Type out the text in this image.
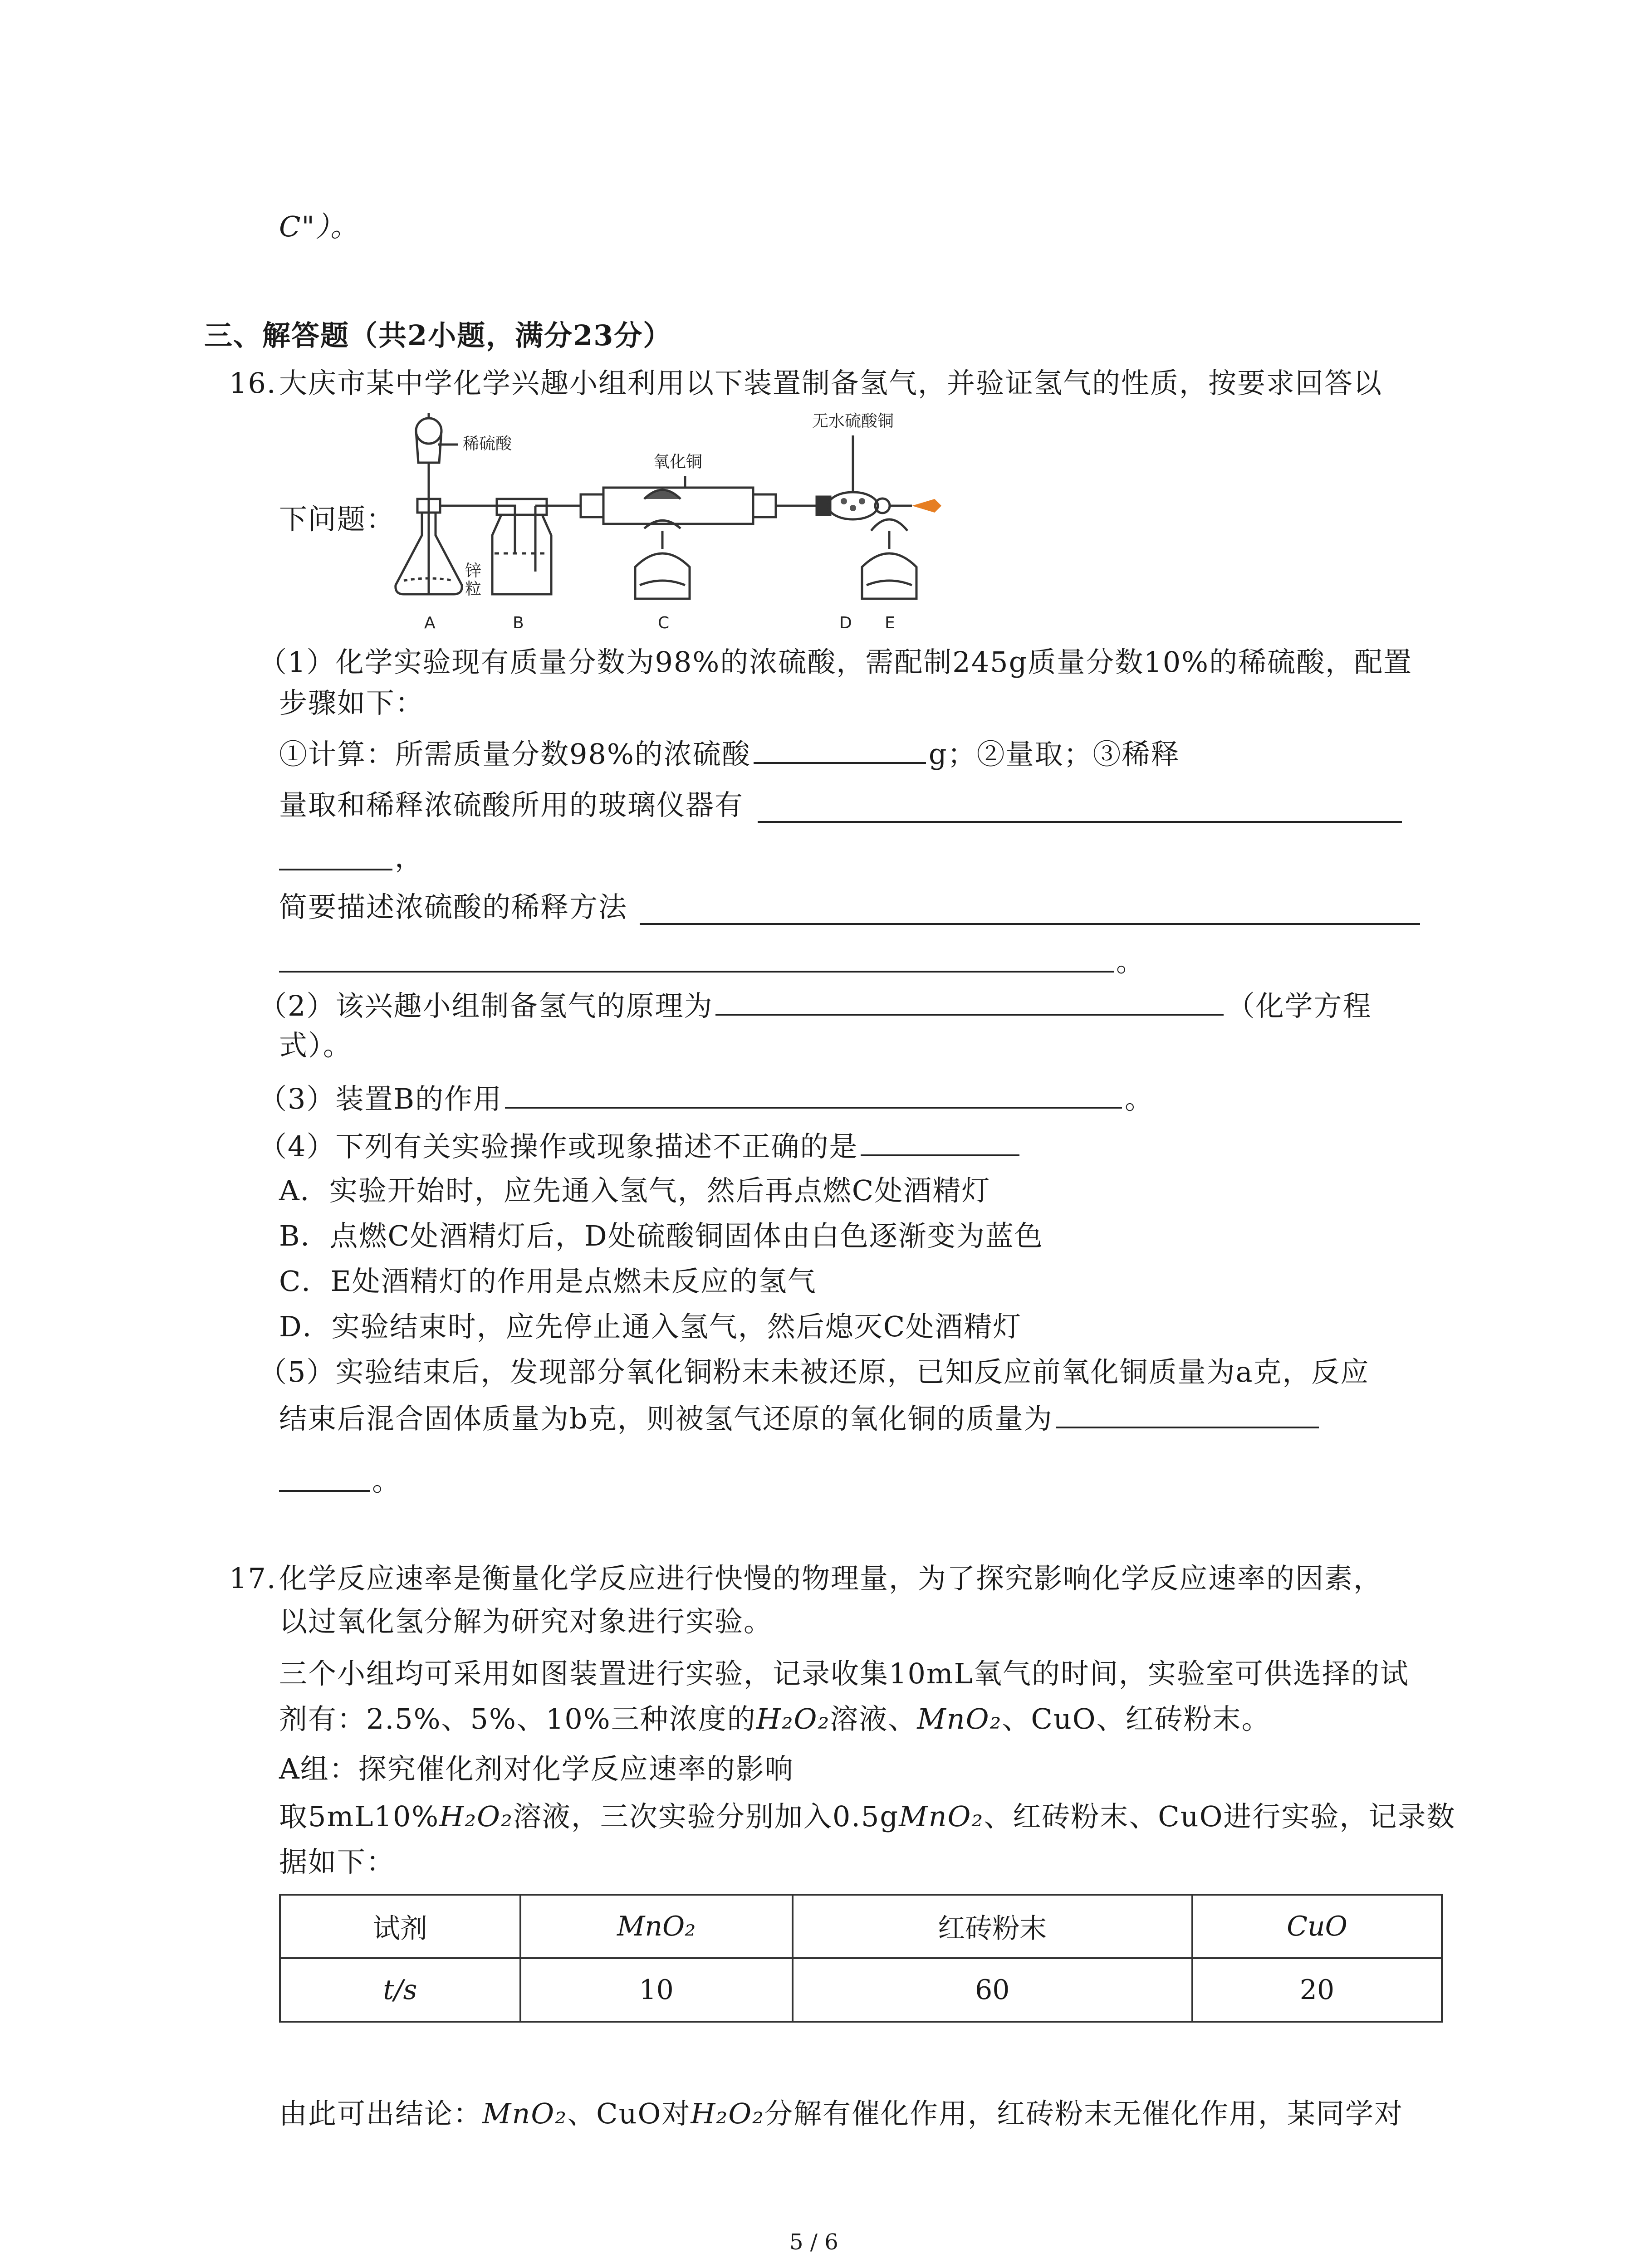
C"）。
三、解答题（共2小题，满分23分）
16. 大庆市某中学化学兴趣小组利用以下装置制备氢气，并验证氢气的性质，按要求回答以
下问题：
稀硫酸
氧化铜
无水硫酸铜
锌
粒
A	B	C	D E
（1）化学实验现有质量分数为98%的浓硫酸，需配制245g质量分数10%的稀硫酸，配置
步骤如下：
①计算：所需质量分数98%的浓硫酸	g；②量取；③稀释
量取和稀释浓硫酸所用的玻璃仪器有
，
简要描述浓硫酸的稀释方法
。
（2）该兴趣小组制备氢气的原理为	（化学方程
式）。
（3）装置B的作用	。
（4）下列有关实验操作或现象描述不正确的是
A．实验开始时，应先通入氢气，然后再点燃C处酒精灯
B．点燃C处酒精灯后，D处硫酸铜固体由白色逐渐变为蓝色
C．E处酒精灯的作用是点燃未反应的氢气
D．实验结束时，应先停止通入氢气，然后熄灭C处酒精灯
（5）实验结束后，发现部分氧化铜粉末未被还原，已知反应前氧化铜质量为a克，反应
结束后混合固体质量为b克，则被氢气还原的氧化铜的质量为
。
17. 化学反应速率是衡量化学反应进行快慢的物理量，为了探究影响化学反应速率的因素，
以过氧化氢分解为研究对象进行实验。
三个小组均可采用如图装置进行实验，记录收集10mL氧气的时间，实验室可供选择的试
剂有：2.5%、5%、10%三种浓度的H₂O₂溶液、MnO₂、CuO、红砖粉末。
A组：探究催化剂对化学反应速率的影响
取5mL10%H₂O₂溶液，三次实验分别加入0.5gMnO₂、红砖粉末、CuO进行实验，记录数
据如下：
试剂	MnO₂	红砖粉末	CuO
t/s	10	60	20
由此可出结论：MnO₂、CuO对H₂O₂分解有催化作用，红砖粉末无催化作用，某同学对
5 / 6
